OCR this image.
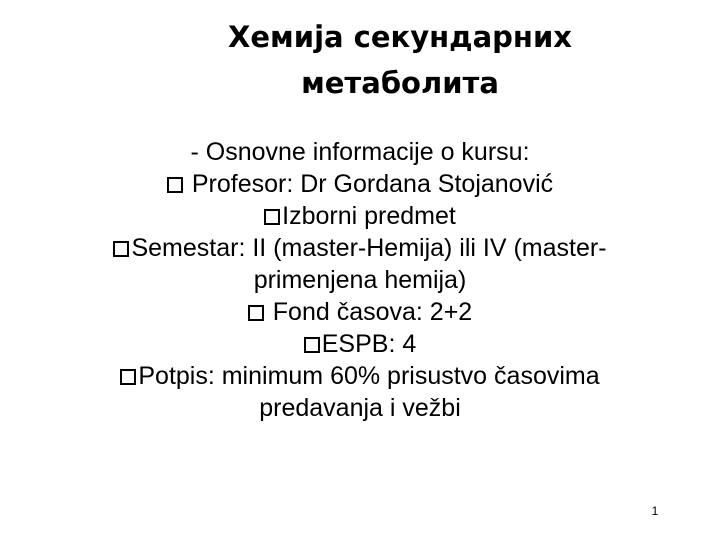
Хемија секундарних
метаболита
- Osnovne informacije o kursu:
Profesor: Dr Gordana Stojanović
Izborni predmet
Semestar: II (master-Hemija) ili IV (master-
primenjena hemija)
Fond časova: 2+2
ESPB: 4
Potpis: minimum 60% prisustvo časovima
predavanja i vežbi
1
